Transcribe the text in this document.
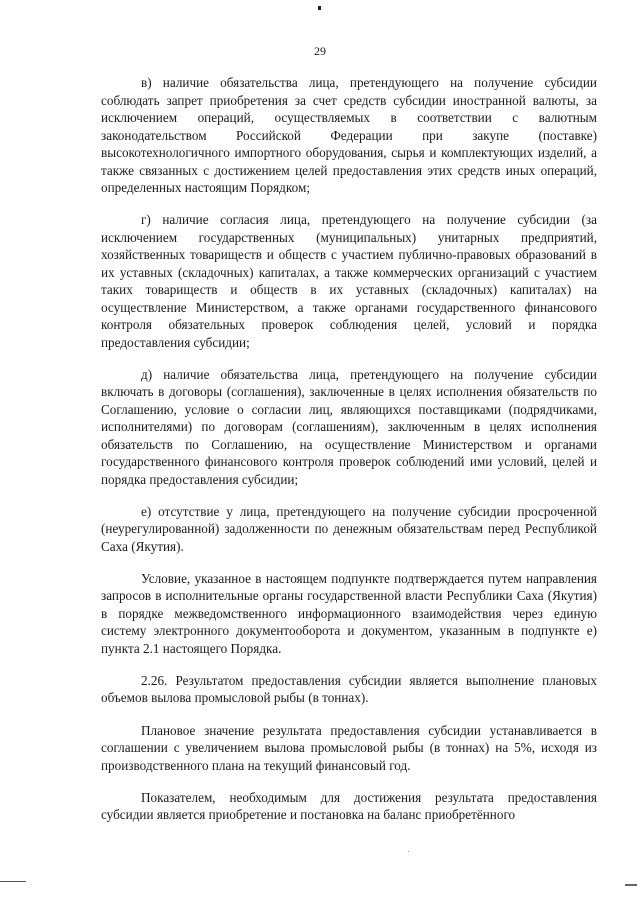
29

в) наличие обязательства лица, претендующего на получение субсидии соблюдать запрет приобретения за счет средств субсидии иностранной валюты, за исключением операций, осуществляемых в соответствии с валютным законодательством Российской Федерации при закупе (поставке) высокотехнологичного импортного оборудования, сырья и комплектующих изделий, а также связанных с достижением целей предоставления этих средств иных операций, определенных настоящим Порядком;

г) наличие согласия лица, претендующего на получение субсидии (за исключением государственных (муниципальных) унитарных предприятий, хозяйственных товариществ и обществ с участием публично-правовых образований в их уставных (складочных) капиталах, а также коммерческих организаций с участием таких товариществ и обществ в их уставных (складочных) капиталах) на осуществление Министерством, а также органами государственного финансового контроля обязательных проверок соблюдения целей, условий и порядка предоставления субсидии;

д) наличие обязательства лица, претендующего на получение субсидии включать в договоры (соглашения), заключенные в целях исполнения обязательств по Соглашению, условие о согласии лиц, являющихся поставщиками (подрядчиками, исполнителями) по договорам (соглашениям), заключенным в целях исполнения обязательств по Соглашению, на осуществление Министерством и органами государственного финансового контроля проверок соблюдений ими условий, целей и порядка предоставления субсидии;

е) отсутствие у лица, претендующего на получение субсидии просроченной (неурегулированной) задолженности по денежным обязательствам перед Республикой Саха (Якутия).

Условие, указанное в настоящем подпункте подтверждается путем направления запросов в исполнительные органы государственной власти Республики Саха (Якутия) в порядке межведомственного информационного взаимодействия через единую систему электронного документооборота и документом, указанным в подпункте е) пункта 2.1 настоящего Порядка.

2.26. Результатом предоставления субсидии является выполнение плановых объемов вылова промысловой рыбы (в тоннах).

Плановое значение результата предоставления субсидии устанавливается в соглашении с увеличением вылова промысловой рыбы (в тоннах) на 5%, исходя из производственного плана на текущий финансовый год.

Показателем, необходимым для достижения результата предоставления субсидии является приобретение и постановка на баланс приобретённого
